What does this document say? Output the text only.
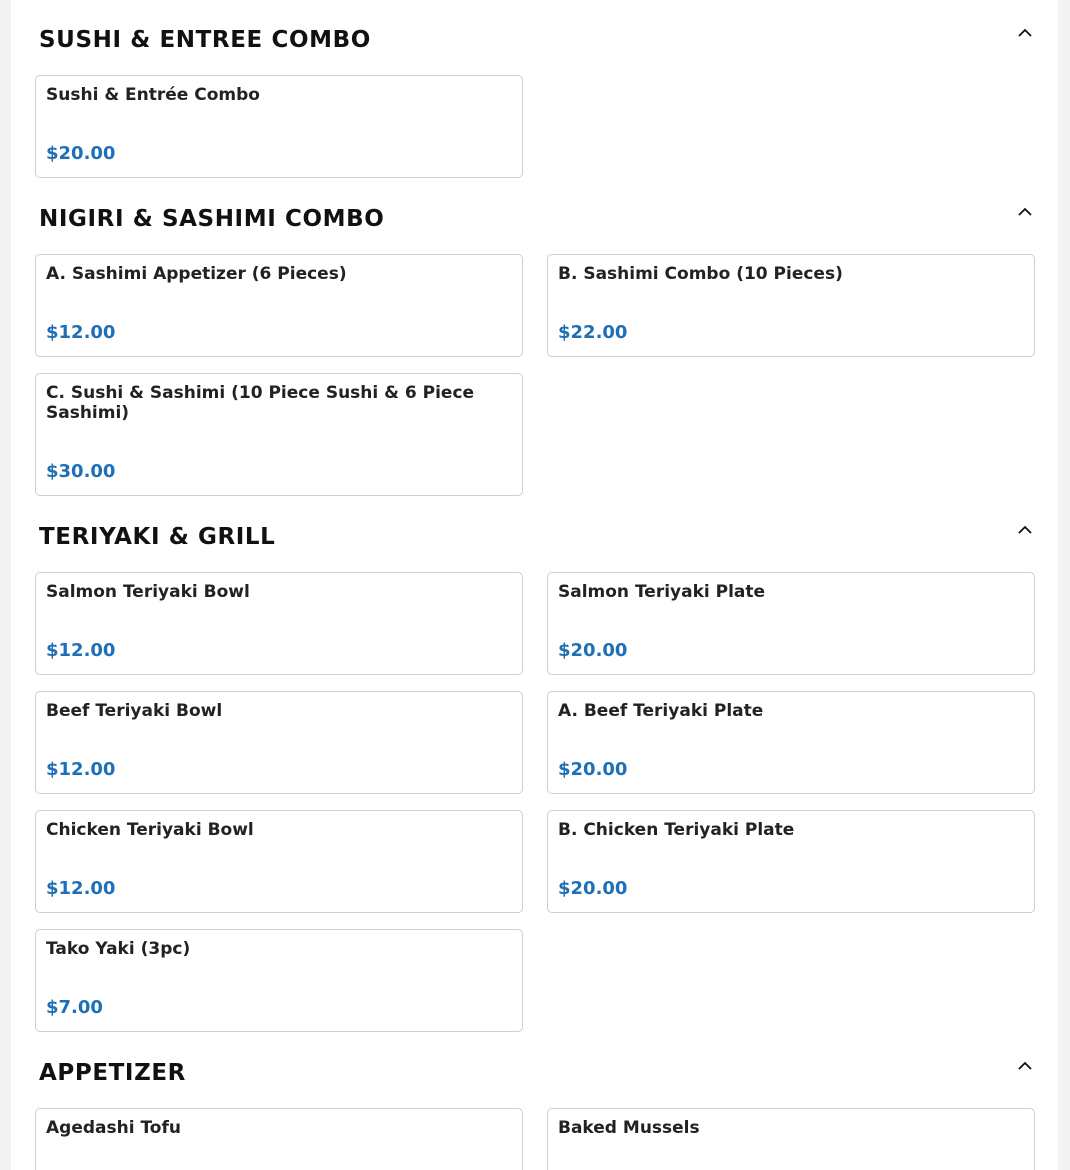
SUSHI & ENTREE COMBO
Sushi & Entrée Combo
$20.00
NIGIRI & SASHIMI COMBO
A. Sashimi Appetizer (6 Pieces)
$12.00
B. Sashimi Combo (10 Pieces)
$22.00
C. Sushi & Sashimi (10 Piece Sushi & 6 Piece Sashimi)
$30.00
TERIYAKI & GRILL
Salmon Teriyaki Bowl
$12.00
Salmon Teriyaki Plate
$20.00
Beef Teriyaki Bowl
$12.00
A. Beef Teriyaki Plate
$20.00
Chicken Teriyaki Bowl
$12.00
B. Chicken Teriyaki Plate
$20.00
Tako Yaki (3pc)
$7.00
APPETIZER
Agedashi Tofu	Baked Mussels
